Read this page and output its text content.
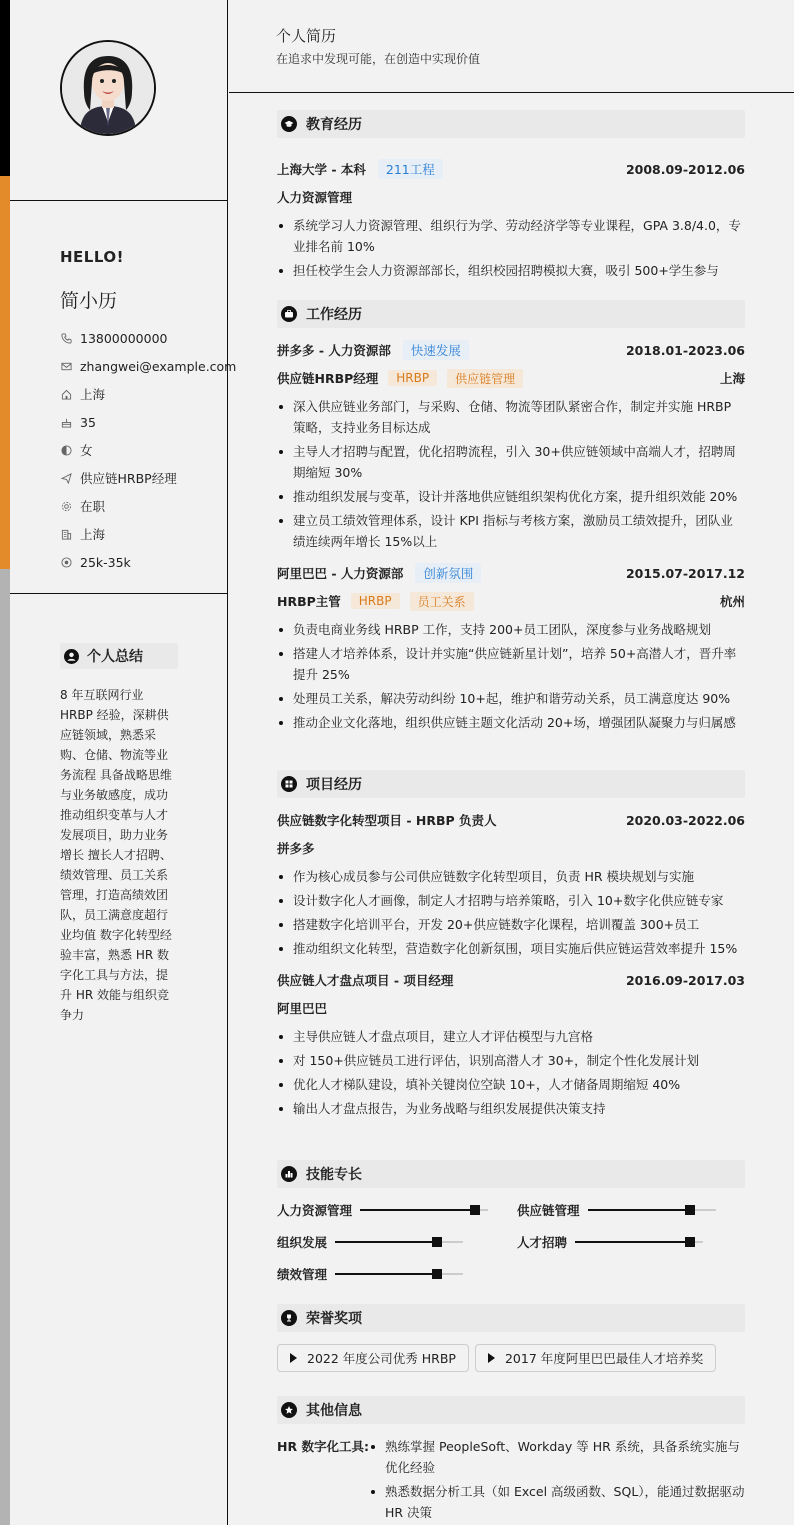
个人简历
在追求中发现可能，在创造中实现价值
HELLO!
简小历
13800000000
zhangwei@example.com
上海
35
女
供应链HRBP经理
在职
上海
25k-35k
个人总结
8 年互联网行业 HRBP 经验，深耕供应链领域，熟悉采购、仓储、物流等业务流程 具备战略思维与业务敏感度，成功推动组织变革与人才发展项目，助力业务增长 擅长人才招聘、绩效管理、员工关系管理，打造高绩效团队，员工满意度超行业均值 数字化转型经验丰富，熟悉 HR 数字化工具与方法，提升 HR 效能与组织竞争力
教育经历
上海大学 - 本科	211工程	2008.09-2012.06
人力资源管理
系统学习人力资源管理、组织行为学、劳动经济学等专业课程，GPA 3.8/4.0，专业排名前 10%
担任校学生会人力资源部部长，组织校园招聘模拟大赛，吸引 500+学生参与
工作经历
拼多多 - 人力资源部	快速发展	2018.01-2023.06
供应链HRBP经理	HRBP	供应链管理	上海
深入供应链业务部门，与采购、仓储、物流等团队紧密合作，制定并实施 HRBP 策略，支持业务目标达成
主导人才招聘与配置，优化招聘流程，引入 30+供应链领域中高端人才，招聘周期缩短 30%
推动组织发展与变革，设计并落地供应链组织架构优化方案，提升组织效能 20%
建立员工绩效管理体系，设计 KPI 指标与考核方案，激励员工绩效提升，团队业绩连续两年增长 15%以上
阿里巴巴 - 人力资源部	创新氛围	2015.07-2017.12
HRBP主管	HRBP	员工关系	杭州
负责电商业务线 HRBP 工作，支持 200+员工团队，深度参与业务战略规划
搭建人才培养体系，设计并实施“供应链新星计划”，培养 50+高潜人才，晋升率提升 25%
处理员工关系，解决劳动纠纷 10+起，维护和谐劳动关系，员工满意度达 90%
推动企业文化落地，组织供应链主题文化活动 20+场，增强团队凝聚力与归属感
项目经历
供应链数字化转型项目 - HRBP 负责人	2020.03-2022.06
拼多多
作为核心成员参与公司供应链数字化转型项目，负责 HR 模块规划与实施
设计数字化人才画像，制定人才招聘与培养策略，引入 10+数字化供应链专家
搭建数字化培训平台，开发 20+供应链数字化课程，培训覆盖 300+员工
推动组织文化转型，营造数字化创新氛围，项目实施后供应链运营效率提升 15%
供应链人才盘点项目 - 项目经理	2016.09-2017.03
阿里巴巴
主导供应链人才盘点项目，建立人才评估模型与九宫格
对 150+供应链员工进行评估，识别高潜人才 30+，制定个性化发展计划
优化人才梯队建设，填补关键岗位空缺 10+，人才储备周期缩短 40%
输出人才盘点报告，为业务战略与组织发展提供决策支持
技能专长
人力资源管理	供应链管理
组织发展	人才招聘
绩效管理
荣誉奖项
2022 年度公司优秀 HRBP	2017 年度阿里巴巴最佳人才培养奖
其他信息
HR 数字化工具:	熟练掌握 PeopleSoft、Workday 等 HR 系统，具备系统实施与优化经验
熟悉数据分析工具（如 Excel 高级函数、SQL），能通过数据驱动 HR 决策
